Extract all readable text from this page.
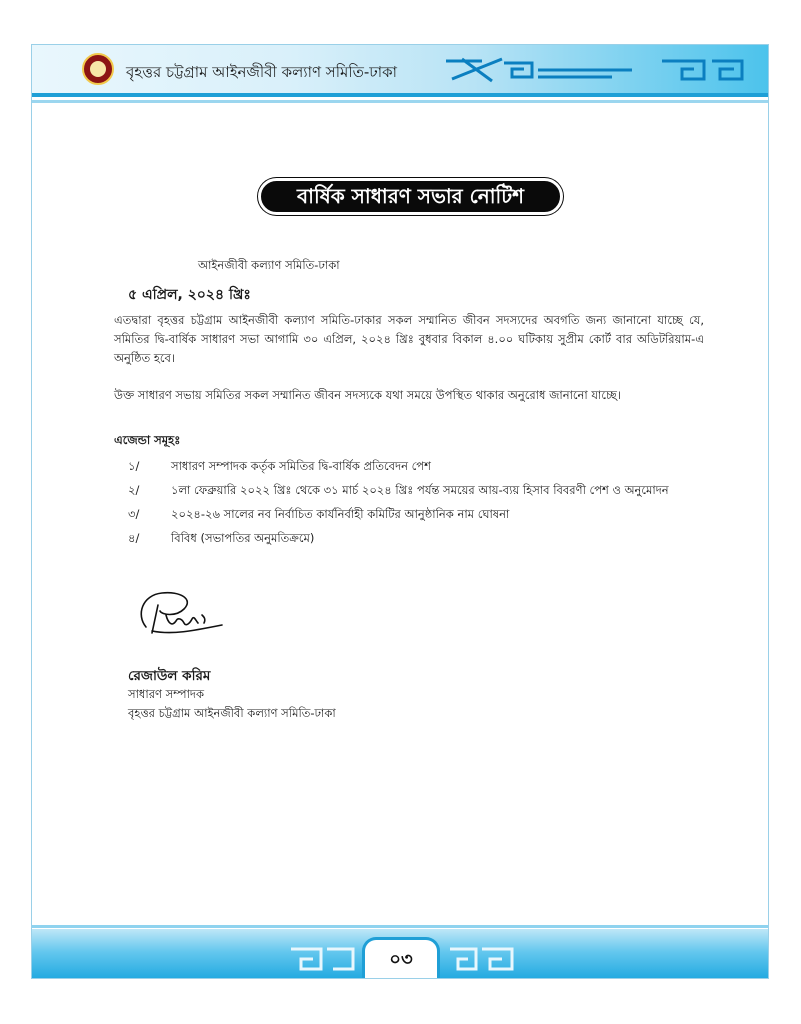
বৃহত্তর চট্টগ্রাম আইনজীবী কল্যাণ সমিতি-ঢাকা
বার্ষিক সাধারণ সভার নোটিশ
আইনজীবী কল্যাণ সমিতি-ঢাকা
৫ এপ্রিল, ২০২৪ খ্রিঃ
এতদ্বারা বৃহত্তর চট্টগ্রাম আইনজীবী কল্যাণ সমিতি-ঢাকার সকল সম্মানিত জীবন সদস্যদের অবগতি জন্য জানানো যাচ্ছে যে, সমিতির দ্বি-বার্ষিক সাধারণ সভা আগামি ৩০ এপ্রিল, ২০২৪ খ্রিঃ বুধবার বিকাল ৪.০০ ঘটিকায় সুপ্রীম কোর্ট বার অডিটরিয়াম-এ অনুষ্ঠিত হবে।
উক্ত সাধারণ সভায় সমিতির সকল সম্মানিত জীবন সদস্যকে যথা সময়ে উপস্থিত থাকার অনুরোধ জানানো যাচ্ছে।
এজেন্ডা সমূহঃ
১/	সাধারণ সম্পাদক কর্তৃক সমিতির দ্বি-বার্ষিক প্রতিবেদন পেশ
২/	১লা ফেব্রুয়ারি ২০২২ খ্রিঃ থেকে ৩১ মার্চ ২০২৪ খ্রিঃ পর্যন্ত সময়ের আয়-ব্যয় হিসাব বিবরণী পেশ ও অনুমোদন
৩/	২০২৪-২৬ সালের নব নির্বাচিত কার্যনির্বাহী কমিটির আনুষ্ঠানিক নাম ঘোষনা
৪/	বিবিধ (সভাপতির অনুমতিক্রমে)
রেজাউল করিম
সাধারণ সম্পাদক
বৃহত্তর চট্টগ্রাম আইনজীবী কল্যাণ সমিতি-ঢাকা
০৩
